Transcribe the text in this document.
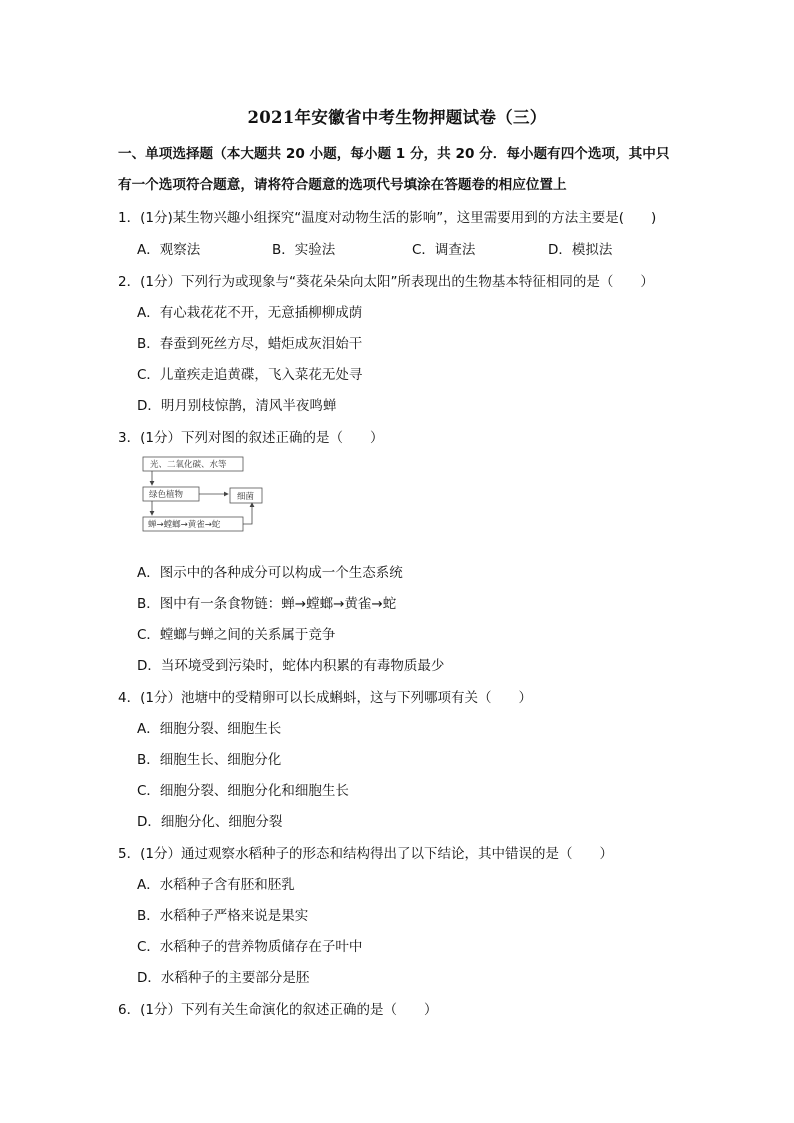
2021年安徽省中考生物押题试卷（三）
一、单项选择题（本大题共 20 小题，每小题 1 分，共 20 分．每小题有四个选项，其中只
有一个选项符合题意，请将符合题意的选项代号填涂在答题卷的相应位置上
1．(1分)某生物兴趣小组探究“温度对动物生活的影响”，这里需要用到的方法主要是(　　)
A．观察法	B．实验法	C．调查法	D．模拟法
2．(1分）下列行为或现象与“葵花朵朵向太阳”所表现出的生物基本特征相同的是（　　）
A．有心栽花花不开，无意插柳柳成荫
B．春蚕到死丝方尽，蜡炬成灰泪始干
C．儿童疾走追黄碟，飞入菜花无处寻
D．明月别枝惊鹊，清风半夜鸣蝉
3．(1分）下列对图的叙述正确的是（　　）
光、二氧化碳、水等
绿色植物	细菌
蝉→螳螂→黄雀→蛇
A．图示中的各种成分可以构成一个生态系统
B．图中有一条食物链：蝉→螳螂→黄雀→蛇
C．螳螂与蝉之间的关系属于竞争
D．当环境受到污染时，蛇体内积累的有毒物质最少
4．(1分）池塘中的受精卵可以长成蝌蚪，这与下列哪项有关（　　）
A．细胞分裂、细胞生长
B．细胞生长、细胞分化
C．细胞分裂、细胞分化和细胞生长
D．细胞分化、细胞分裂
5．(1分）通过观察水稻种子的形态和结构得出了以下结论，其中错误的是（　　）
A．水稻种子含有胚和胚乳
B．水稻种子严格来说是果实
C．水稻种子的营养物质储存在子叶中
D．水稻种子的主要部分是胚
6．(1分）下列有关生命演化的叙述正确的是（　　）
